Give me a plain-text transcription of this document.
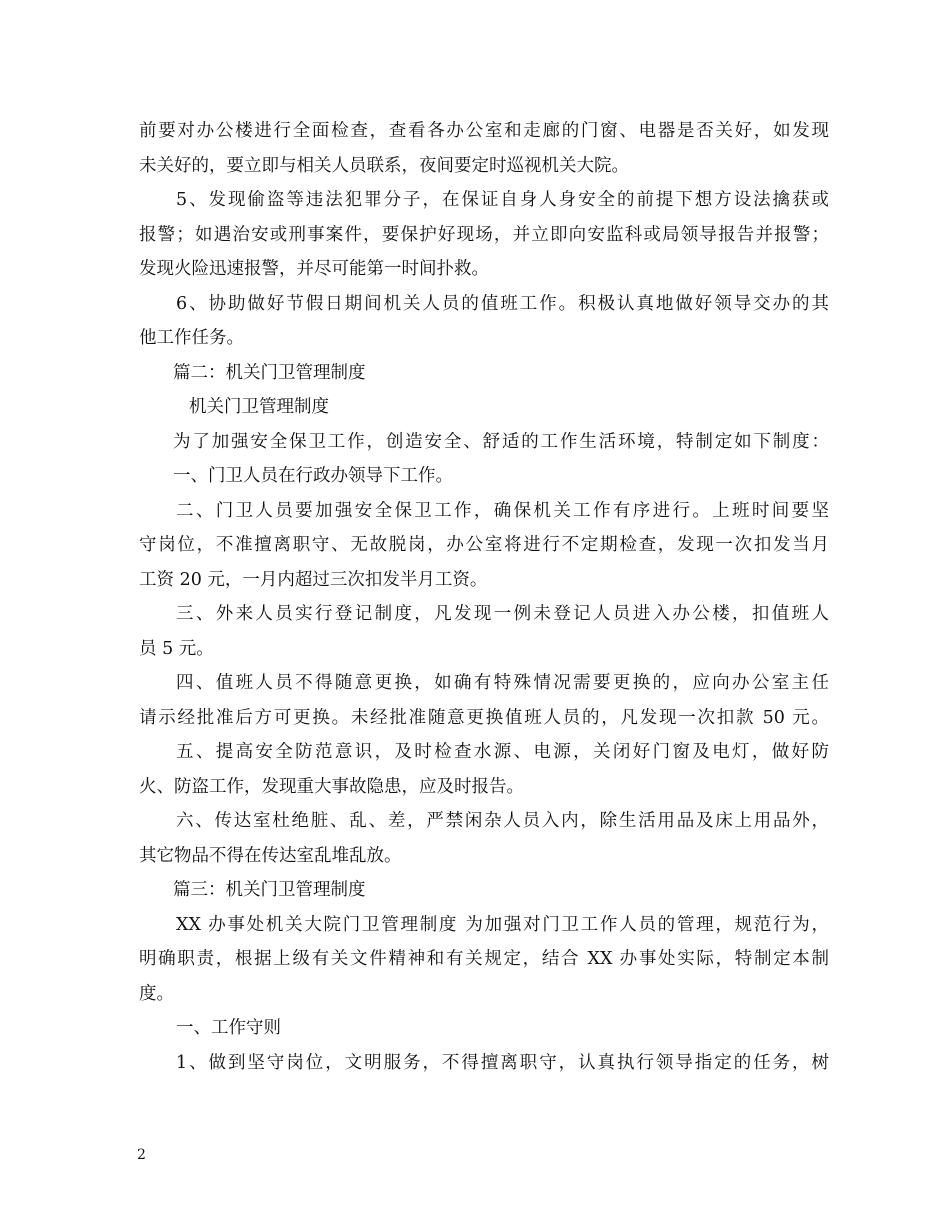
前要对办公楼进行全面检查，查看各办公室和走廊的门窗、电器是否关好，如发现
未关好的，要立即与相关人员联系，夜间要定时巡视机关大院。
5、发现偷盗等违法犯罪分子，在保证自身人身安全的前提下想方设法擒获或
报警；如遇治安或刑事案件，要保护好现场，并立即向安监科或局领导报告并报警；
发现火险迅速报警，并尽可能第一时间扑救。
6、协助做好节假日期间机关人员的值班工作。积极认真地做好领导交办的其
他工作任务。
篇二：机关门卫管理制度
机关门卫管理制度
为了加强安全保卫工作，创造安全、舒适的工作生活环境，特制定如下制度：
一、门卫人员在行政办领导下工作。
二、门卫人员要加强安全保卫工作，确保机关工作有序进行。上班时间要坚
守岗位，不准擅离职守、无故脱岗，办公室将进行不定期检查，发现一次扣发当月
工资 20 元，一月内超过三次扣发半月工资。
三、外来人员实行登记制度，凡发现一例未登记人员进入办公楼，扣值班人
员 5 元。
四、值班人员不得随意更换，如确有特殊情况需要更换的，应向办公室主任
请示经批准后方可更换。未经批准随意更换值班人员的，凡发现一次扣款 50 元。
五、提高安全防范意识，及时检查水源、电源，关闭好门窗及电灯，做好防
火、防盗工作，发现重大事故隐患，应及时报告。
六、传达室杜绝脏、乱、差，严禁闲杂人员入内，除生活用品及床上用品外，
其它物品不得在传达室乱堆乱放。
篇三：机关门卫管理制度
XX 办事处机关大院门卫管理制度 为加强对门卫工作人员的管理，规范行为，
明确职责，根据上级有关文件精神和有关规定，结合 XX 办事处实际，特制定本制
度。
一、工作守则
1、做到坚守岗位，文明服务，不得擅离职守，认真执行领导指定的任务，树
2
